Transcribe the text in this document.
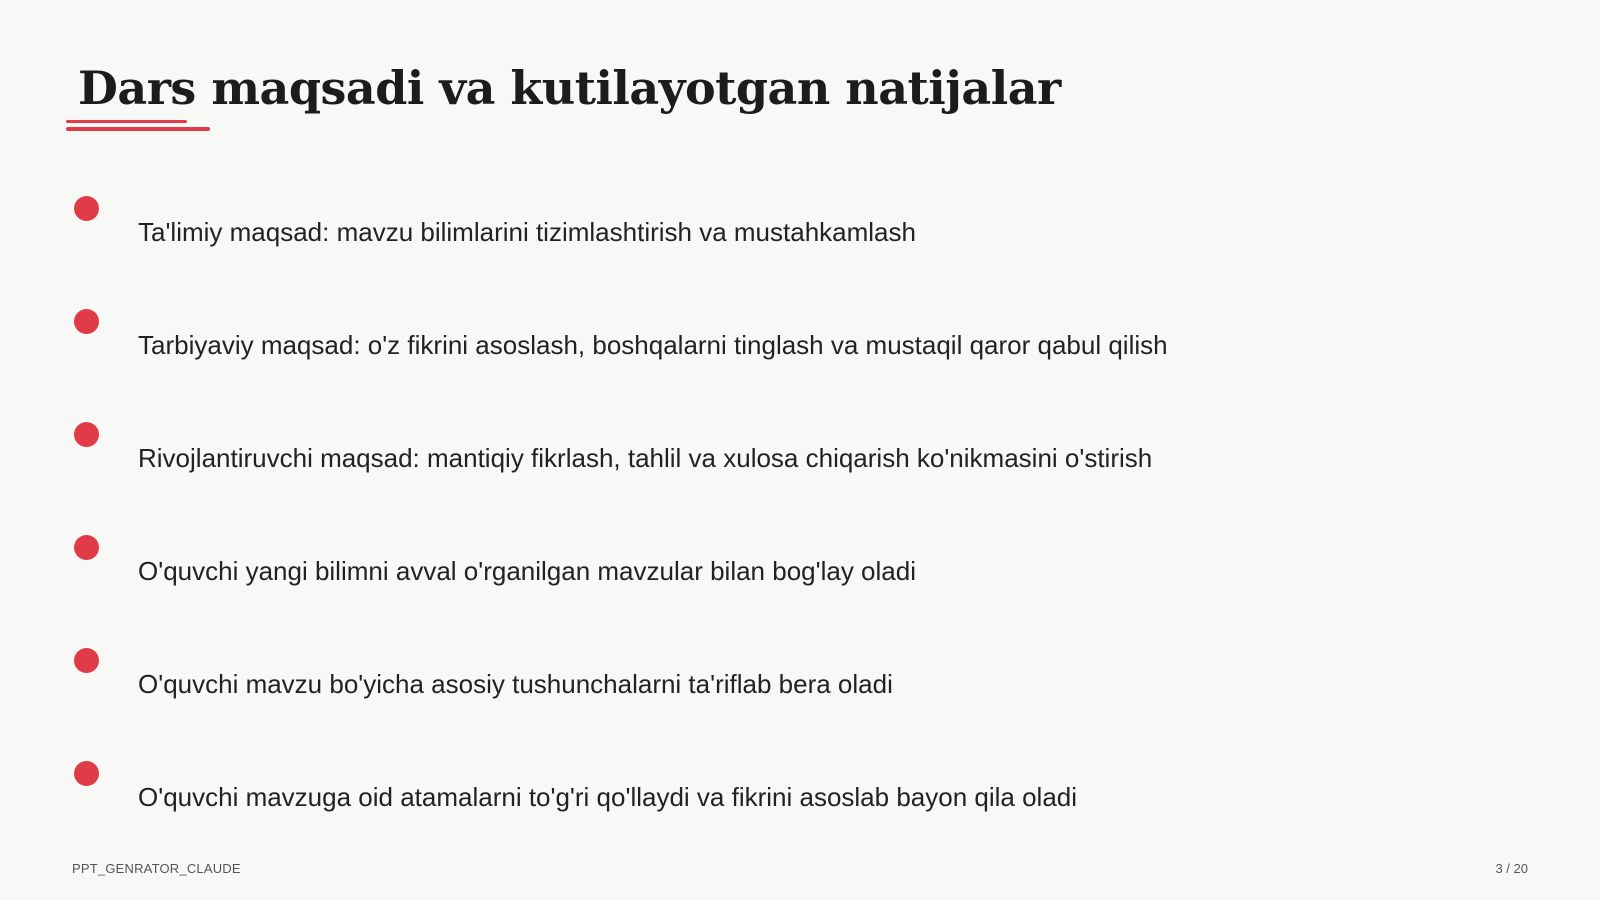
Dars maqsadi va kutilayotgan natijalar
Ta'limiy maqsad: mavzu bilimlarini tizimlashtirish va mustahkamlash
Tarbiyaviy maqsad: o'z fikrini asoslash, boshqalarni tinglash va mustaqil qaror qabul qilish
Rivojlantiruvchi maqsad: mantiqiy fikrlash, tahlil va xulosa chiqarish ko'nikmasini o'stirish
O'quvchi yangi bilimni avval o'rganilgan mavzular bilan bog'lay oladi
O'quvchi mavzu bo'yicha asosiy tushunchalarni ta'riflab bera oladi
O'quvchi mavzuga oid atamalarni to'g'ri qo'llaydi va fikrini asoslab bayon qila oladi
PPT_GENRATOR_CLAUDE	3 / 20
